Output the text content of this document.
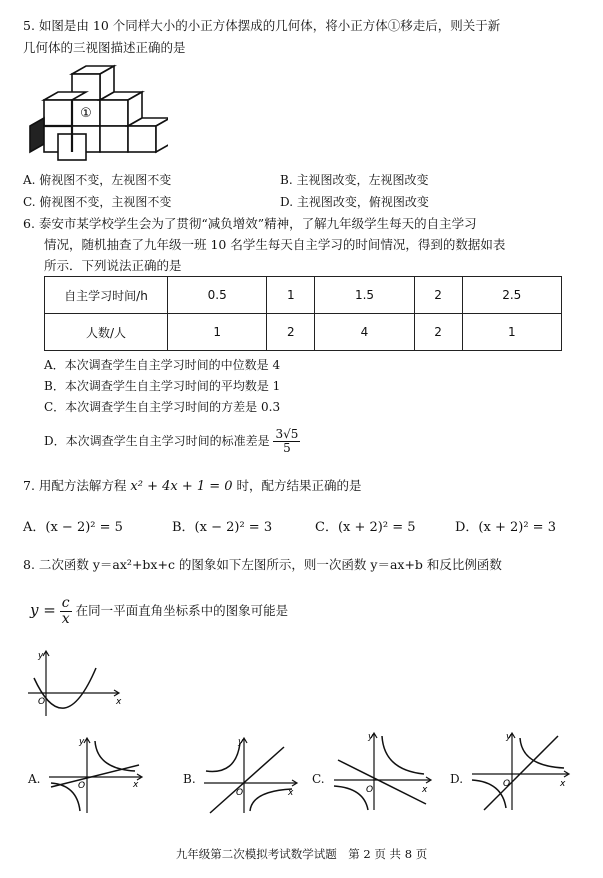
5. 如图是由 10 个同样大小的小正方体摆成的几何体，将小正方体①移走后，则关于新
几何体的三视图描述正确的是
①
A. 俯视图不变，左视图不变	B. 主视图改变，左视图改变
C. 俯视图不变，主视图不变	D. 主视图改变，俯视图改变
6. 泰安市某学校学生会为了贯彻“减负增效”精神，了解九年级学生每天的自主学习
情况，随机抽查了九年级一班 10 名学生每天自主学习的时间情况，得到的数据如表
所示．下列说法正确的是
自主学习时间/h	0.5	1	1.5	2	2.5
人数/人	1	2	4	2	1
A．本次调查学生自主学习时间的中位数是 4
B．本次调查学生自主学习时间的平均数是 1
C．本次调查学生自主学习时间的方差是 0.3
D．本次调查学生自主学习时间的标准差是 $\frac{3√5}{5}$
7. 用配方法解方程 x² + 4x + 1 = 0 时，配方结果正确的是
A．(x − 2)² = 5	B．(x − 2)² = 3	C．(x + 2)² = 5	D．(x + 2)² = 3
8. 二次函数 y＝ax²+bx+c 的图象如下左图所示，则一次函数 y＝ax+b 和反比例函数
$y = \frac{c}{x}$ 在同一平面直角坐标系中的图象可能是
y
x
O
A.
y
x
O	B.
y
x
O
C.
y
x
O
D.
y
x
O
九年级第二次模拟考试数学试题　第 2 页 共 8 页
